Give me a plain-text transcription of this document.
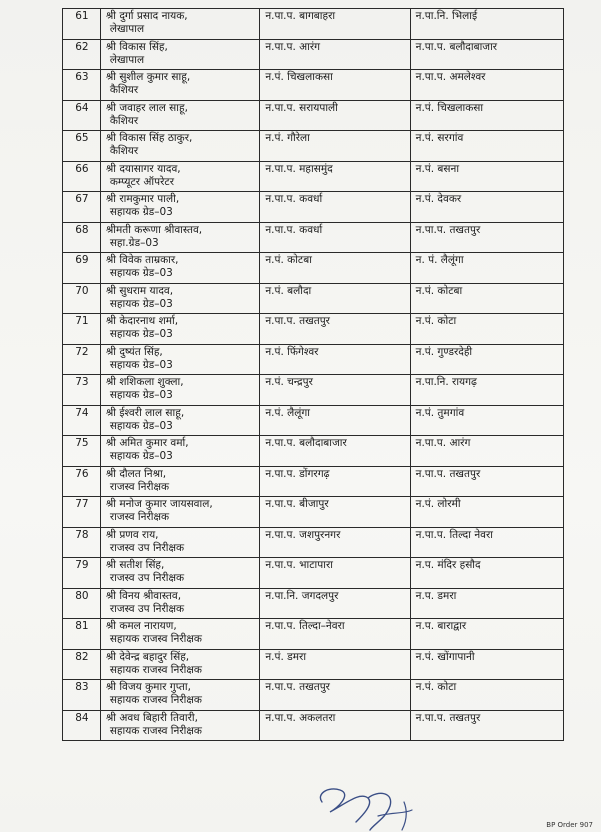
61	श्री दुर्गा प्रसाद नायक,
लेखापाल	न.पा.प. बागबाहरा	न.पा.नि. भिलाई
62	श्री विकास सिंह,
लेखापाल	न.पा.प. आरंग	न.पा.प. बलौदाबाजार
63	श्री सुशील कुमार साहू,
कैशियर	न.पं. चिखलाकसा	न.पा.प. अमलेश्वर
64	श्री जवाहर लाल साहू,
कैशियर	न.पा.प. सरायपाली	न.पं. चिखलाकसा
65	श्री विकास सिंह ठाकुर,
कैशियर	न.पं. गौरेला	न.पं. सरगांव
66	श्री दयासागर यादव,
कम्प्यूटर ऑपरेटर	न.पा.प. महासमुंद	न.पं. बसना
67	श्री रामकुमार पाली,
सहायक ग्रेड–03	न.पा.प. कवर्धा	न.पं. देवकर
68	श्रीमती करूणा श्रीवास्तव,
सहा.ग्रेड–03	न.पा.प. कवर्धा	न.पा.प. तखतपुर
69	श्री विवेक ताम्रकार,
सहायक ग्रेड–03	न.पं. कोटबा	न. पं. लैलूंगा
70	श्री सुधराम यादव,
सहायक ग्रेड–03	न.पं. बलौदा	न.पं. कोटबा
71	श्री केदारनाथ शर्मा,
सहायक ग्रेड–03	न.पा.प. तखतपुर	न.पं. कोटा
72	श्री दुष्यंत सिंह,
सहायक ग्रेड–03	न.पं. फिंगेश्वर	न.पं. गुण्डरदेही
73	श्री शशिकला शुक्ला,
सहायक ग्रेड–03	न.पं. चन्द्रपुर	न.पा.नि. रायगढ़
74	श्री ईश्वरी लाल साहू,
सहायक ग्रेड–03	न.पं. लैलूंगा	न.पं. तुमगांव
75	श्री अमित कुमार वर्मा,
सहायक ग्रेड–03	न.पा.प. बलौदाबाजार	न.पा.प. आरंग
76	श्री दौलत निश्रा,
राजस्व निरीक्षक	न.पा.प. डोंगरगढ़	न.पा.प. तखतपुर
77	श्री मनोज कुमार जायसवाल,
राजस्व निरीक्षक	न.पा.प. बीजापुर	न.पं. लोरमी
78	श्री प्रणव राय,
राजस्व उप निरीक्षक	न.पा.प. जशपुरनगर	न.पा.प. तिल्दा नेवरा
79	श्री सतीश सिंह,
राजस्व उप निरीक्षक	न.पा.प. भाटापारा	न.प. मंदिर हसौद
80	श्री विनय श्रीवास्तव,
राजस्व उप निरीक्षक	न.पा.नि. जगदलपुर	न.प. डमरा
81	श्री कमल नारायण,
सहायक राजस्व निरीक्षक	न.पा.प. तिल्दा–नेवरा	न.प. बाराद्वार
82	श्री देवेन्द्र बहादुर सिंह,
सहायक राजस्व निरीक्षक	न.पं. डमरा	न.पं. खोंगापानी
83	श्री विजय कुमार गुप्ता,
सहायक राजस्व निरीक्षक	न.पा.प. तखतपुर	न.पं. कोटा
84	श्री अवध बिहारी तिवारी,
सहायक राजस्व निरीक्षक	न.पा.प. अकलतरा	न.पा.प. तखतपुर
BP Order 907
